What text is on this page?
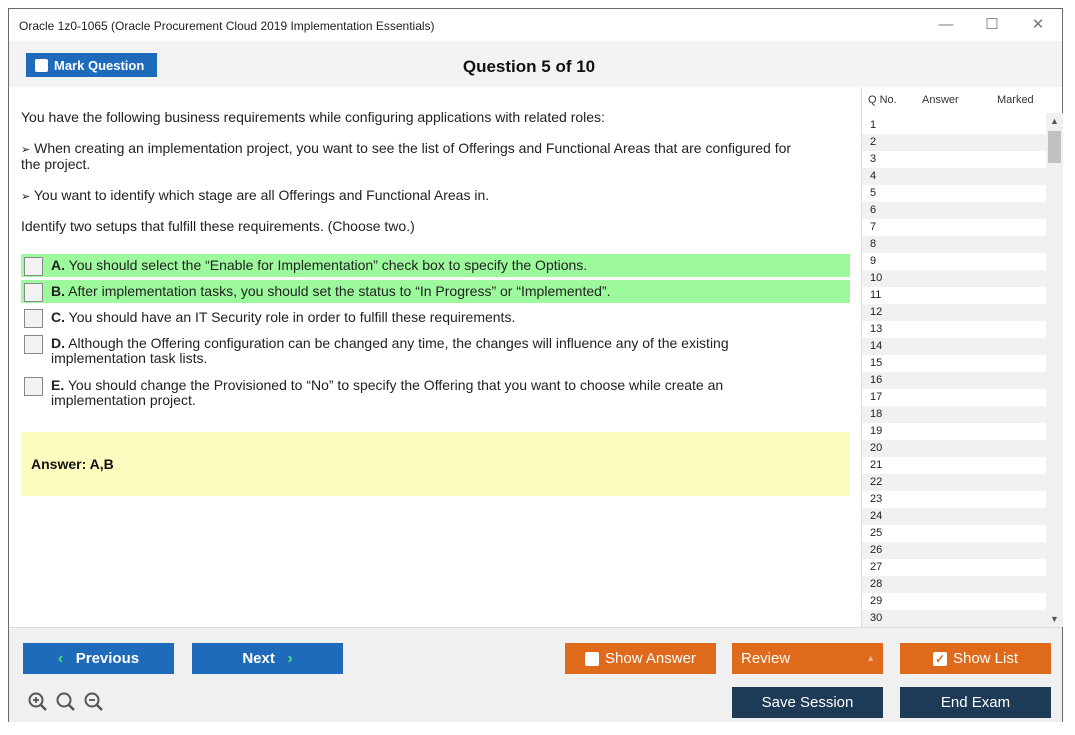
Oracle 1z0-1065 (Oracle Procurement Cloud 2019 Implementation Essentials)	—	☐	✕
Mark Question	Question 5 of 10
You have the following business requirements while configuring applications with related roles:
➢ When creating an implementation project, you want to see the list of Offerings and Functional Areas that are configured for
the project.
➢ You want to identify which stage are all Offerings and Functional Areas in.
Identify two setups that fulfill these requirements. (Choose two.)
A. You should select the “Enable for Implementation” check box to specify the Options.
B. After implementation tasks, you should set the status to “In Progress” or “Implemented”.
C. You should have an IT Security role in order to fulfill these requirements.
D. Although the Offering configuration can be changed any time, the changes will influence any of the existing
implementation task lists.
E. You should change the Provisioned to “No” to specify the Offering that you want to choose while create an
implementation project.
Answer: A,B
Q No. Answer	Marked
1
2
3
4
5
6
7
8
9
10
11
12
13
14
15
16
17
18
19
20
21
22
23
24
25
26
27
28
29
30
▲
▼
‹
Previous	Next
›	Show Answer	Review	▲	✓ Show List
Save Session	End Exam
